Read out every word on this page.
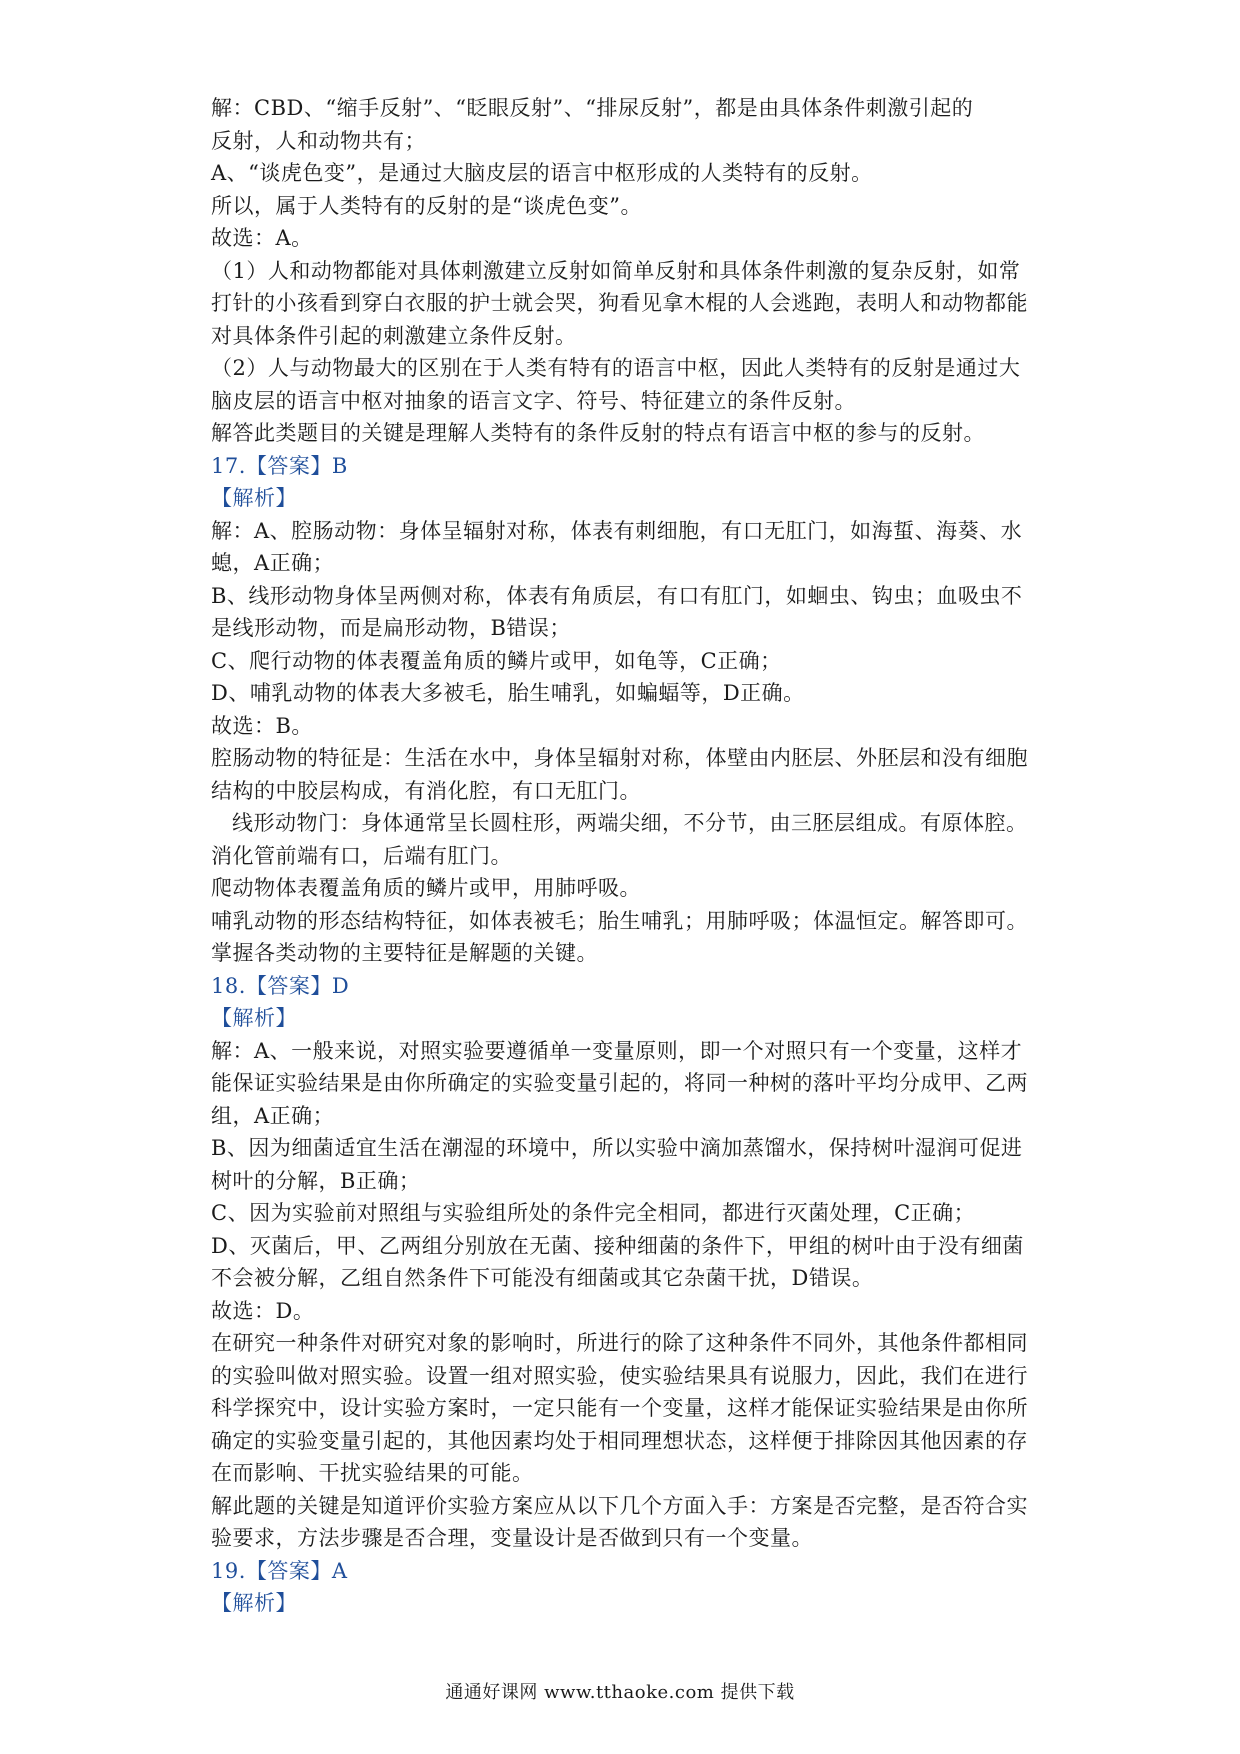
解：CBD、“缩手反射”、“眨眼反射”、“排尿反射”，都是由具体条件刺激引起的
反射，人和动物共有；
A、“谈虎色变”，是通过大脑皮层的语言中枢形成的人类特有的反射。
所以，属于人类特有的反射的是“谈虎色变”。
故选：A。
（1）人和动物都能对具体刺激建立反射如简单反射和具体条件刺激的复杂反射，如常
打针的小孩看到穿白衣服的护士就会哭，狗看见拿木棍的人会逃跑，表明人和动物都能
对具体条件引起的刺激建立条件反射。
（2）人与动物最大的区别在于人类有特有的语言中枢，因此人类特有的反射是通过大
脑皮层的语言中枢对抽象的语言文字、符号、特征建立的条件反射。
解答此类题目的关键是理解人类特有的条件反射的特点有语言中枢的参与的反射。
17.【答案】B
【解析】
解：A、腔肠动物：身体呈辐射对称，体表有刺细胞，有口无肛门，如海蜇、海葵、水
螅，A正确；
B、线形动物身体呈两侧对称，体表有角质层，有口有肛门，如蛔虫、钩虫；血吸虫不
是线形动物，而是扁形动物，B错误；
C、爬行动物的体表覆盖角质的鳞片或甲，如龟等，C正确；
D、哺乳动物的体表大多被毛，胎生哺乳，如蝙蝠等，D正确。
故选：B。
腔肠动物的特征是：生活在水中，身体呈辐射对称，体壁由内胚层、外胚层和没有细胞
结构的中胶层构成，有消化腔，有口无肛门。
线形动物门：身体通常呈长圆柱形，两端尖细，不分节，由三胚层组成。有原体腔。
消化管前端有口，后端有肛门。
爬动物体表覆盖角质的鳞片或甲，用肺呼吸。
哺乳动物的形态结构特征，如体表被毛；胎生哺乳；用肺呼吸；体温恒定。解答即可。
掌握各类动物的主要特征是解题的关键。
18.【答案】D
【解析】
解：A、一般来说，对照实验要遵循单一变量原则，即一个对照只有一个变量，这样才
能保证实验结果是由你所确定的实验变量引起的，将同一种树的落叶平均分成甲、乙两
组，A正确；
B、因为细菌适宜生活在潮湿的环境中，所以实验中滴加蒸馏水，保持树叶湿润可促进
树叶的分解，B正确；
C、因为实验前对照组与实验组所处的条件完全相同，都进行灭菌处理，C正确；
D、灭菌后，甲、乙两组分别放在无菌、接种细菌的条件下，甲组的树叶由于没有细菌
不会被分解，乙组自然条件下可能没有细菌或其它杂菌干扰，D错误。
故选：D。
在研究一种条件对研究对象的影响时，所进行的除了这种条件不同外，其他条件都相同
的实验叫做对照实验。设置一组对照实验，使实验结果具有说服力，因此，我们在进行
科学探究中，设计实验方案时，一定只能有一个变量，这样才能保证实验结果是由你所
确定的实验变量引起的，其他因素均处于相同理想状态，这样便于排除因其他因素的存
在而影响、干扰实验结果的可能。
解此题的关键是知道评价实验方案应从以下几个方面入手：方案是否完整，是否符合实
验要求，方法步骤是否合理，变量设计是否做到只有一个变量。
19.【答案】A
【解析】
通通好课网 www.tthaoke.com 提供下载
